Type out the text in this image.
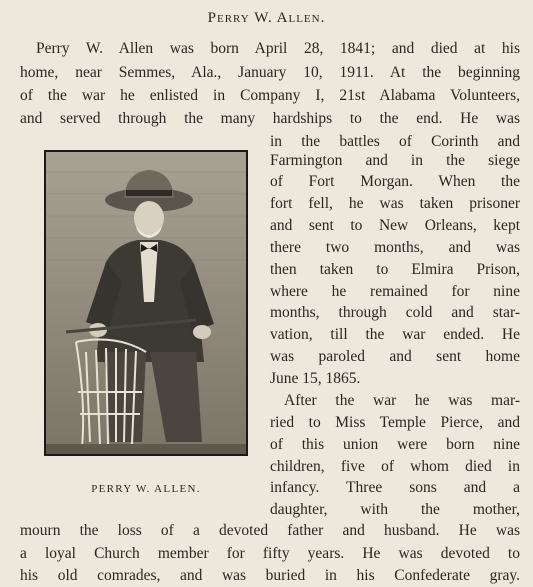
Perry W. Allen.
Perry W. Allen was born April 28, 1841; and died at his
home, near Semmes, Ala., January 10, 1911. At the beginning
of the war he enlisted in Company I, 21st Alabama Volunteers,
and served through the many hardships to the end. He was
in the battles of Corinth and
Farmington and in the siege
of Fort Morgan. When the
fort fell, he was taken prisoner
and sent to New Orleans, kept
there two months, and was
then taken to Elmira Prison,
where he remained for nine
months, through cold and star-
vation, till the war ended. He
was paroled and sent home
June 15, 1865.
After the war he was mar-
ried to Miss Temple Pierce, and
of this union were born nine
children, five of whom died in
infancy. Three sons and a
daughter, with the mother,
mourn the loss of a devoted father and husband. He was
a loyal Church member for fifty years. He was devoted to
his old comrades, and was buried in his Confederate gray.
PERRY W. ALLEN.
